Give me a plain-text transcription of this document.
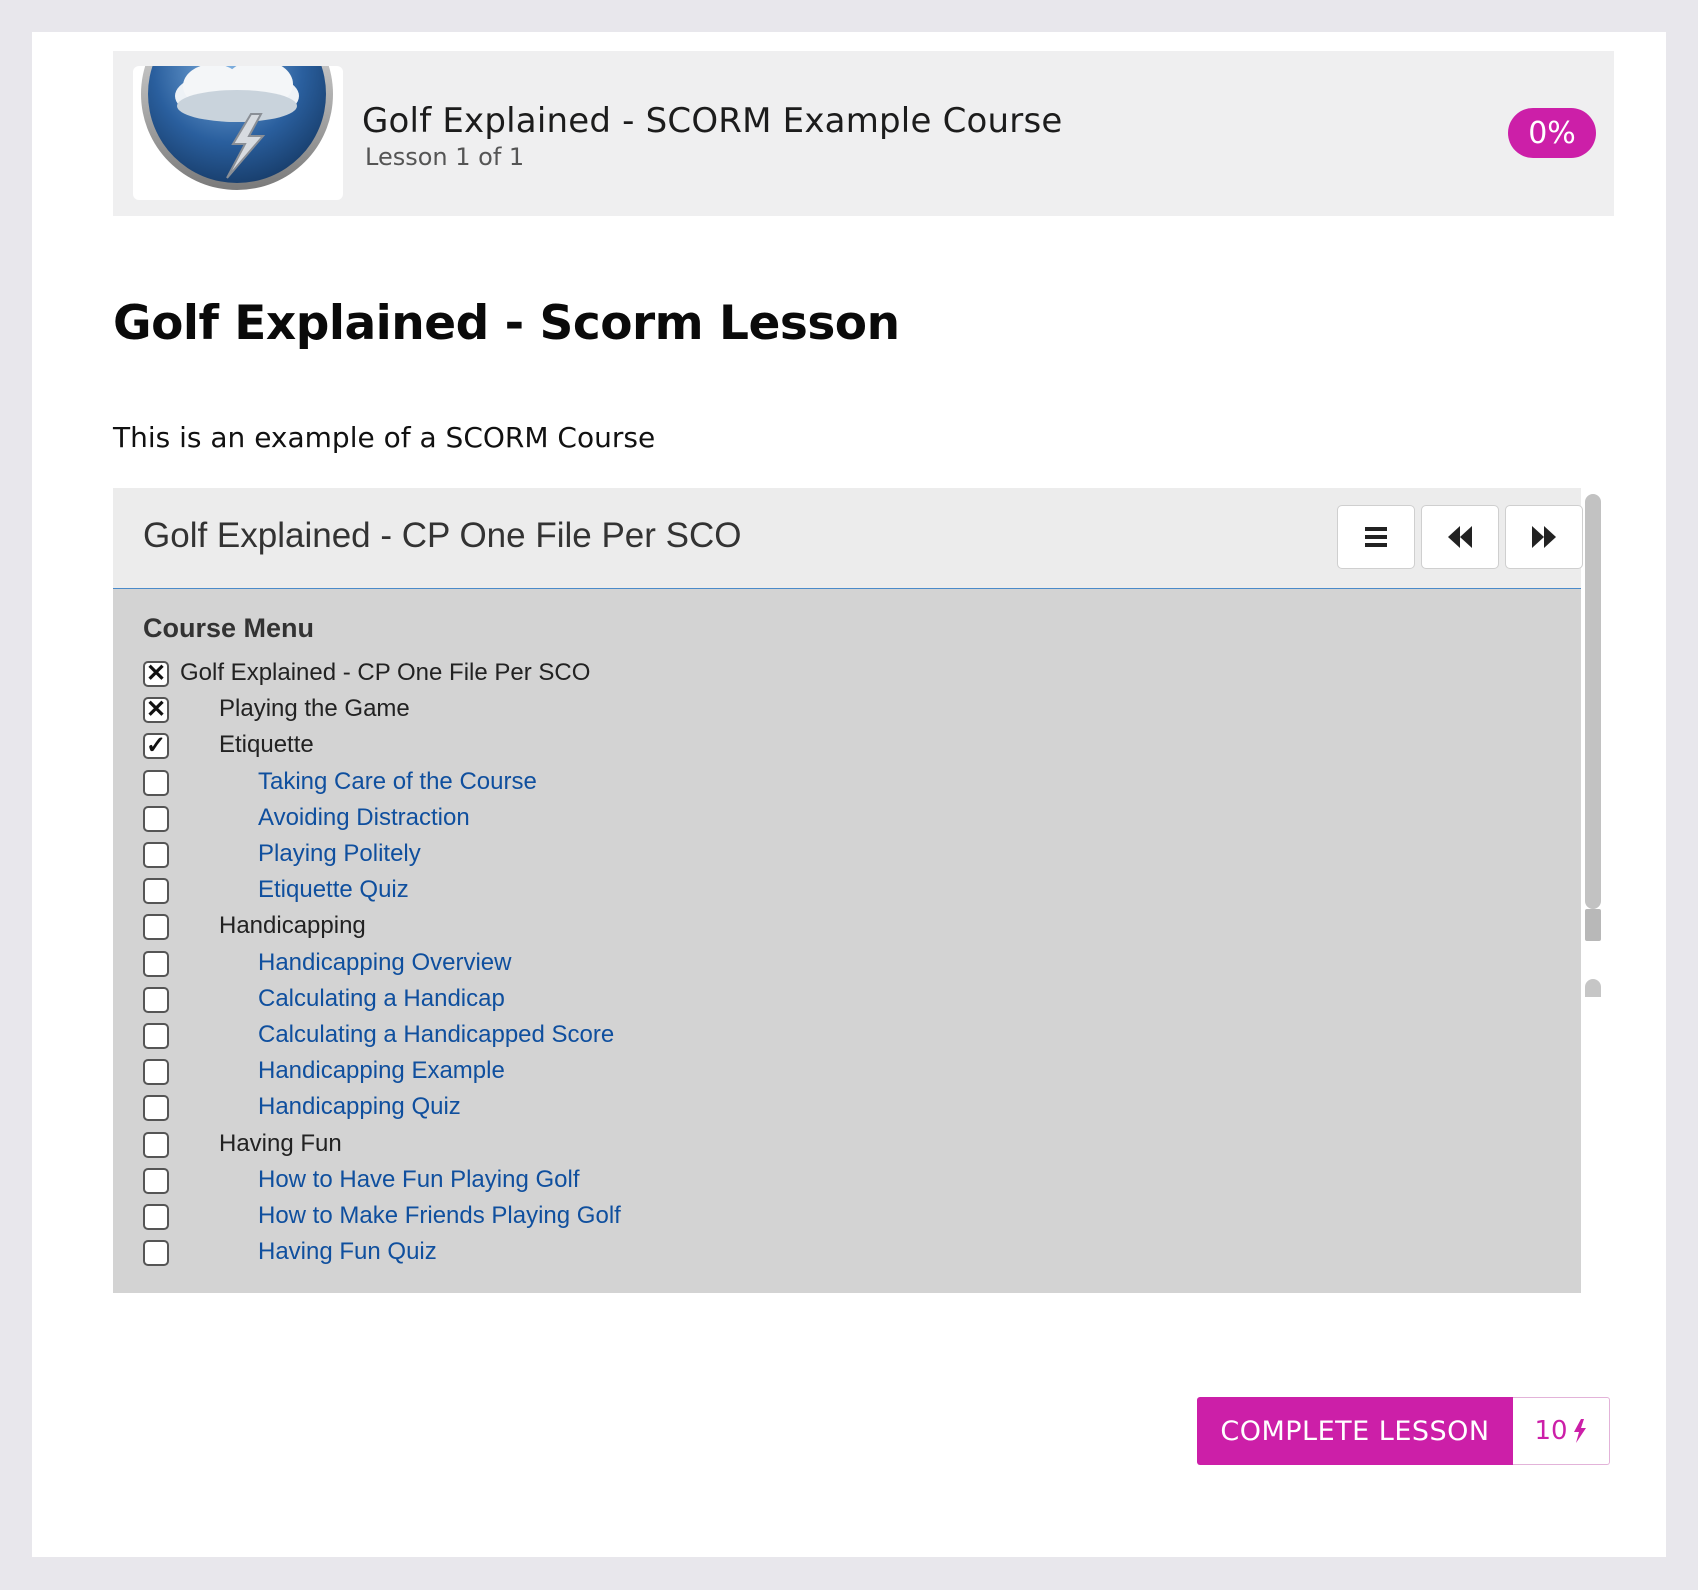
Golf Explained - SCORM Example Course
Lesson 1 of 1
0%
Golf Explained - Scorm Lesson

This is an example of a SCORM Course

Golf Explained - CP One File Per SCO
Course Menu
✕ Golf Explained - CP One File Per SCO
✕ Playing the Game
✓ Etiquette
Taking Care of the Course
Avoiding Distraction
Playing Politely
Etiquette Quiz
Handicapping
Handicapping Overview
Calculating a Handicap
Calculating a Handicapped Score
Handicapping Example
Handicapping Quiz
Having Fun
How to Have Fun Playing Golf
How to Make Friends Playing Golf
Having Fun Quiz
COMPLETE LESSON	10
